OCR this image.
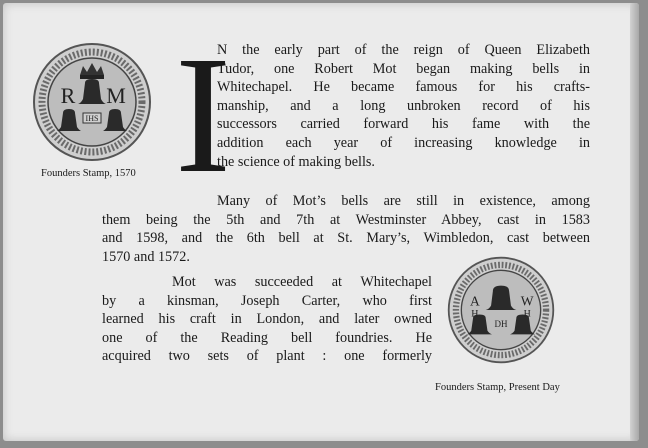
R M
IHS
Founders Stamp, 1570 I
N the early part of the reign of Queen Elizabeth
Tudor, one Robert Mot began making bells in
Whitechapel. He became famous for his crafts-
manship, and a long unbroken record of his
successors carried forward his fame with the
addition each year of increasing knowledge in
the science of making bells.
Many of Mot’s bells are still in existence, among
them being the 5th and 7th at Westminster Abbey, cast in 1583
and 1598, and the 6th bell at St. Mary’s, Wimbledon, cast between
1570 and 1572.
Mot was succeeded at Whitechapel
by a kinsman, Joseph Carter, who first
learned his craft in London, and later owned
one of the Reading bell foundries. He
acquired two sets of plant : one formerly
A	W
H	H
DH
Founders Stamp, Present Day
